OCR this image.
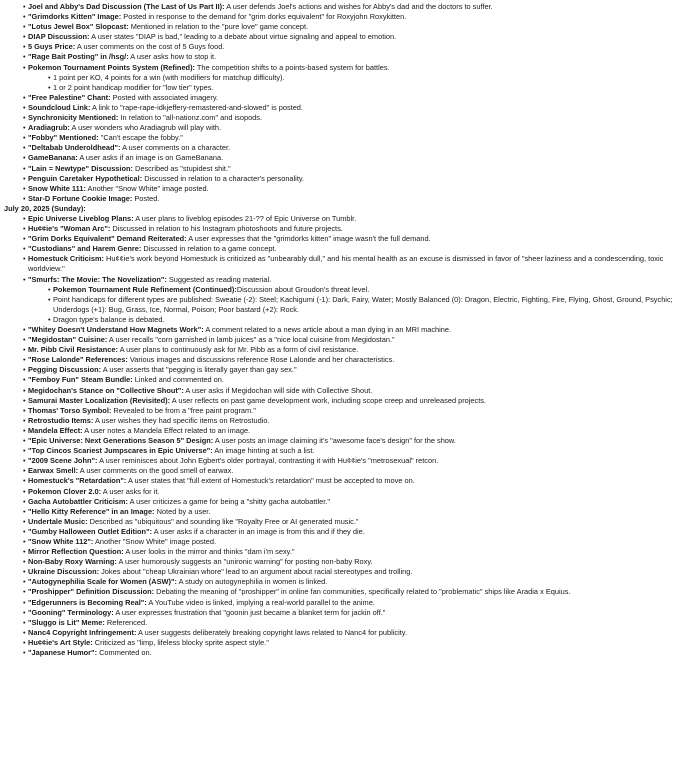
• Joel and Abby's Dad Discussion (The Last of Us Part II): A user defends Joel's actions and wishes for Abby's dad and the doctors to suffer.
• "Grimdorks Kitten" Image: Posted in response to the demand for "grim dorks equivalent" for Roxyjohn Roxykitten.
• "Lotus Jewel Box" Slopcast: Mentioned in relation to the "pure love" game concept.
• DIAP Discussion: A user states "DIAP is bad," leading to a debate about virtue signaling and appeal to emotion.
• 5 Guys Price: A user comments on the cost of 5 Guys food.
• "Rage Bait Posting" in /hsg/: A user asks how to stop it.
• Pokemon Tournament Points System (Refined): The competition shifts to a points-based system for battles.
• 1 point per KO, 4 points for a win (with modifiers for matchup difficulty).
• 1 or 2 point handicap modifier for "low tier" types.
• "Free Palestine" Chant: Posted with associated imagery.
• Soundcloud Link: A link to "rape-rape-idkjeffery-remastered-and-slowed" is posted.
• Synchronicity Mentioned: In relation to "all-nationz.com" and isopods.
• Aradiagrub: A user wonders who Aradiagrub will play with.
• "Fobby" Mentioned: "Can't escape the fobby."
• "Deltabab Underoldhead": A user comments on a character.
• GameBanana: A user asks if an image is on GameBanana.
• "Lain = Newtype" Discussion: Described as "stupidest shit."
• Penguin Caretaker Hypothetical: Discussed in relation to a character's personality.
• Snow White 111: Another "Snow White" image posted.
• Star-D Fortune Cookie Image: Posted.
July 20, 2025 (Sunday):
• Epic Universe Liveblog Plans: A user plans to liveblog episodes 21-?? of Epic Universe on Tumblr.
• Hu¢¢ie's "Woman Arc": Discussed in relation to his Instagram photoshoots and future projects.
• "Grim Dorks Equivalent" Demand Reiterated: A user expresses that the "grimdorks kitten" image wasn't the full demand.
• "Custodians" and Harem Genre: Discussed in relation to a game concept.
• Homestuck Criticism: Hu¢¢ie's work beyond Homestuck is criticized as "unbearably dull," and his mental health as an excuse is dismissed in favor of "sheer laziness and a condescending, toxic worldview."
• "Smurfs: The Movie: The Novelization": Suggested as reading material.
• Pokemon Tournament Rule Refinement (Continued):Discussion about Groudon's threat level.
• Point handicaps for different types are published: Sweatie (-2): Steel; Kachigumi (-1): Dark, Fairy, Water; Mostly Balanced (0): Dragon, Electric, Fighting, Fire, Flying, Ghost, Ground, Psychic; Underdogs (+1): Bug, Grass, Ice, Normal, Poison; Poor bastard (+2): Rock.
• Dragon type's balance is debated.
• "Whitey Doesn't Understand How Magnets Work": A comment related to a news article about a man dying in an MRI machine.
• "Megidostan" Cuisine: A user recalls "corn garnished in lamb juices" as a "nice local cuisine from Megidostan."
• Mr. Pibb Civil Resistance: A user plans to continuously ask for Mr. Pibb as a form of civil resistance.
• "Rose Lalonde" References: Various images and discussions reference Rose Lalonde and her characteristics.
• Pegging Discussion: A user asserts that "pegging is literally gayer than gay sex."
• "Femboy Fun" Steam Bundle: Linked and commented on.
• Megidochan's Stance on "Collective Shout": A user asks if Megidochan will side with Collective Shout.
• Samurai Master Localization (Revisited): A user reflects on past game development work, including scope creep and unreleased projects.
• Thomas' Torso Symbol: Revealed to be from a "free paint program."
• Retrostudio Items: A user wishes they had specific items on Retrostudio.
• Mandela Effect: A user notes a Mandela Effect related to an image.
• "Epic Universe: Next Generations Season 5" Design: A user posts an image claiming it's "awesome face's design" for the show.
• "Top Cincos Scariest Jumpscares in Epic Universe": An image hinting at such a list.
• "2009 Scene John": A user reminisces about John Egbert's older portrayal, contrasting it with Hu¢¢ie's "metrosexual" retcon.
• Earwax Smell: A user comments on the good smell of earwax.
• Homestuck's "Retardation": A user states that "full extent of Homestuck's retardation" must be accepted to move on.
• Pokemon Clover 2.0: A user asks for it.
• Gacha Autobattler Criticism: A user criticizes a game for being a "shitty gacha autobattler."
• "Hello Kitty Reference" in an Image: Noted by a user.
• Undertale Music: Described as "ubiquitous" and sounding like "Royalty Free or AI generated music."
• "Gumby Halloween Outlet Edition": A user asks if a character in an image is from this and if they die.
• "Snow White 112": Another "Snow White" image posted.
• Mirror Reflection Question: A user looks in the mirror and thinks "dam i'm sexy."
• Non-Baby Roxy Warning: A user humorously suggests an "unironic warning" for posting non-baby Roxy.
• Ukraine Discussion: Jokes about "cheap Ukrainian whore" lead to an argument about racial stereotypes and trolling.
• "Autogynephilia Scale for Women (ASW)": A study on autogynephilia in women is linked.
• "Proshipper" Definition Discussion: Debating the meaning of "proshipper" in online fan communities, specifically related to "problematic" ships like Aradia x Equius.
• "Edgerunners is Becoming Real": A YouTube video is linked, implying a real-world parallel to the anime.
• "Gooning" Terminology: A user expresses frustration that "goonin just became a blanket term for jackin off."
• "Sluggo is Lit" Meme: Referenced.
• Nanc4 Copyright Infringement: A user suggests deliberately breaking copyright laws related to Nanc4 for publicity.
• Hu¢¢ie's Art Style: Criticized as "limp, lifeless blocky sprite aspect style."
• "Japanese Humor": Commented on.
